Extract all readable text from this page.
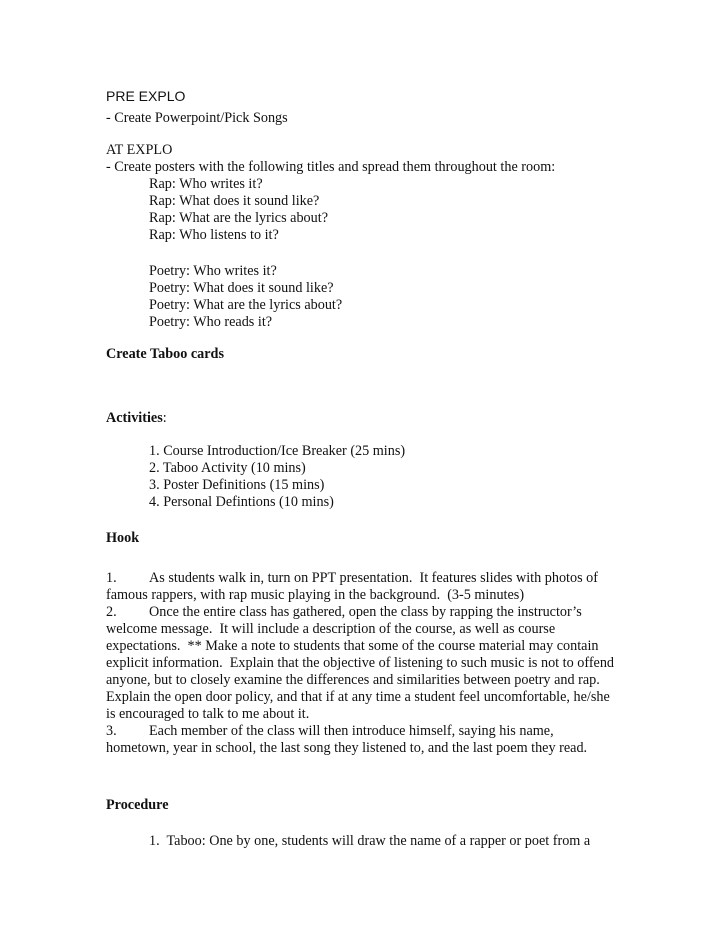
PRE EXPLO
- Create Powerpoint/Pick Songs
AT EXPLO
- Create posters with the following titles and spread them throughout the room:
Rap: Who writes it?
Rap: What does it sound like?
Rap: What are the lyrics about?
Rap: Who listens to it?
Poetry: Who writes it?
Poetry: What does it sound like?
Poetry: What are the lyrics about?
Poetry: Who reads it?
Create Taboo cards
Activities:
1. Course Introduction/Ice Breaker (25 mins)
2. Taboo Activity (10 mins)
3. Poster Definitions (15 mins)
4. Personal Defintions (10 mins)
Hook
1. As students walk in, turn on PPT presentation.  It features slides with photos of
famous rappers, with rap music playing in the background.  (3-5 minutes)
2. Once the entire class has gathered, open the class by rapping the instructor’s
welcome message.  It will include a description of the course, as well as course
expectations.  ** Make a note to students that some of the course material may contain
explicit information.  Explain that the objective of listening to such music is not to offend
anyone, but to closely examine the differences and similarities between poetry and rap.
Explain the open door policy, and that if at any time a student feel uncomfortable, he/she
is encouraged to talk to me about it.
3. Each member of the class will then introduce himself, saying his name,
hometown, year in school, the last song they listened to, and the last poem they read.
Procedure
1.  Taboo: One by one, students will draw the name of a rapper or poet from a
